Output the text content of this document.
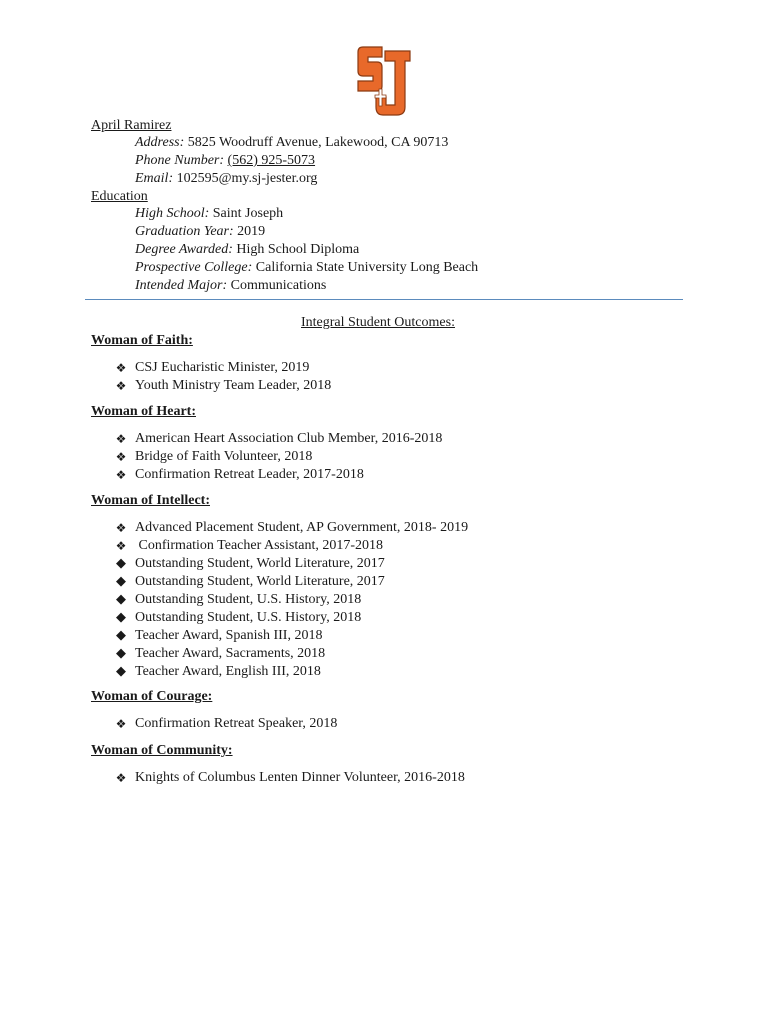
April Ramirez
Address: 5825 Woodruff Avenue, Lakewood, CA 90713
Phone Number: (562) 925-5073
Email: 102595@my.sj-jester.org
Education
High School: Saint Joseph
Graduation Year: 2019
Degree Awarded: High School Diploma
Prospective College: California State University Long Beach
Intended Major: Communications
Integral Student Outcomes:
Woman of Faith:
❖ CSJ Eucharistic Minister, 2019
❖ Youth Ministry Team Leader, 2018
Woman of Heart:
❖ American Heart Association Club Member, 2016-2018
❖ Bridge of Faith Volunteer, 2018
❖ Confirmation Retreat Leader, 2017-2018
Woman of Intellect:
❖ Advanced Placement Student, AP Government, 2018- 2019
❖ Confirmation Teacher Assistant, 2017-2018
◆ Outstanding Student, World Literature, 2017
◆ Outstanding Student, World Literature, 2017
◆ Outstanding Student, U.S. History, 2018
◆ Outstanding Student, U.S. History, 2018
◆ Teacher Award, Spanish III, 2018
◆ Teacher Award, Sacraments, 2018
◆ Teacher Award, English III, 2018
Woman of Courage:
❖ Confirmation Retreat Speaker, 2018
Woman of Community:
❖ Knights of Columbus Lenten Dinner Volunteer, 2016-2018
